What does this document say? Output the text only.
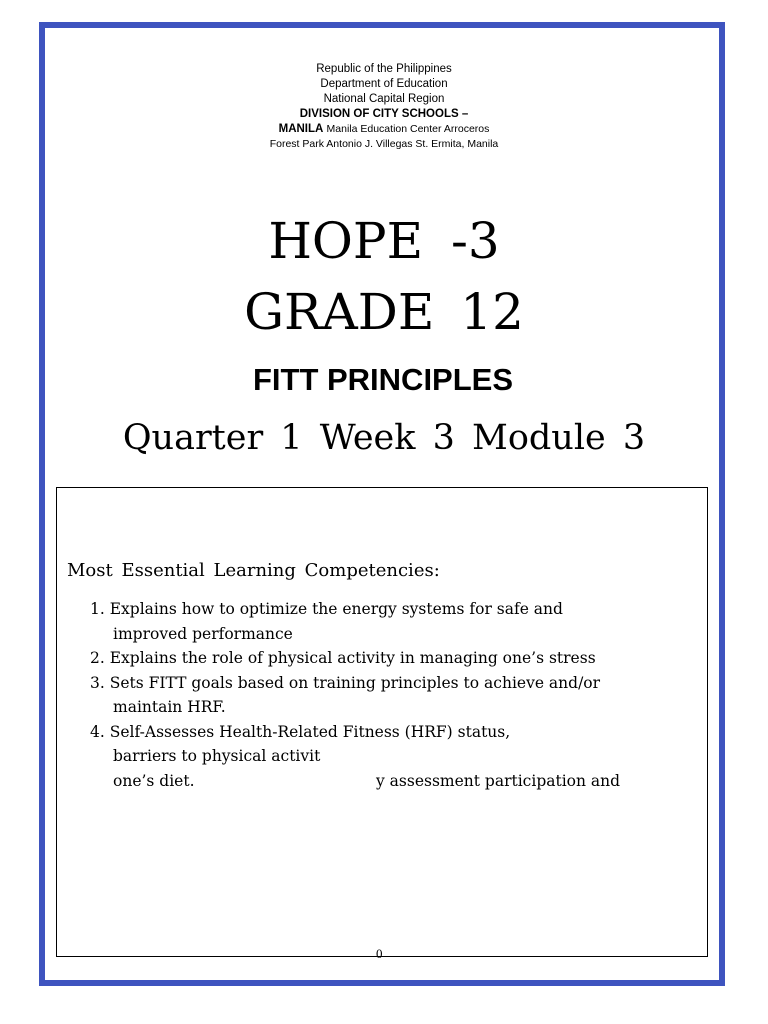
Republic of the Philippines
Department of Education
National Capital Region
DIVISION OF CITY SCHOOLS –
MANILA Manila Education Center Arroceros
Forest Park Antonio J. Villegas St. Ermita, Manila
HOPE -3
GRADE 12
FITT PRINCIPLES
Quarter 1 Week 3 Module 3
Most Essential Learning Competencies:
1. Explains how to optimize the energy systems for safe and
improved performance
2. Explains the role of physical activity in managing one’s stress
3. Sets FITT goals based on training principles to achieve and/or
maintain HRF.
4. Self-Assesses Health-Related Fitness (HRF) status,
barriers to physical activit
one’s diet.	y assessment participation and
0
